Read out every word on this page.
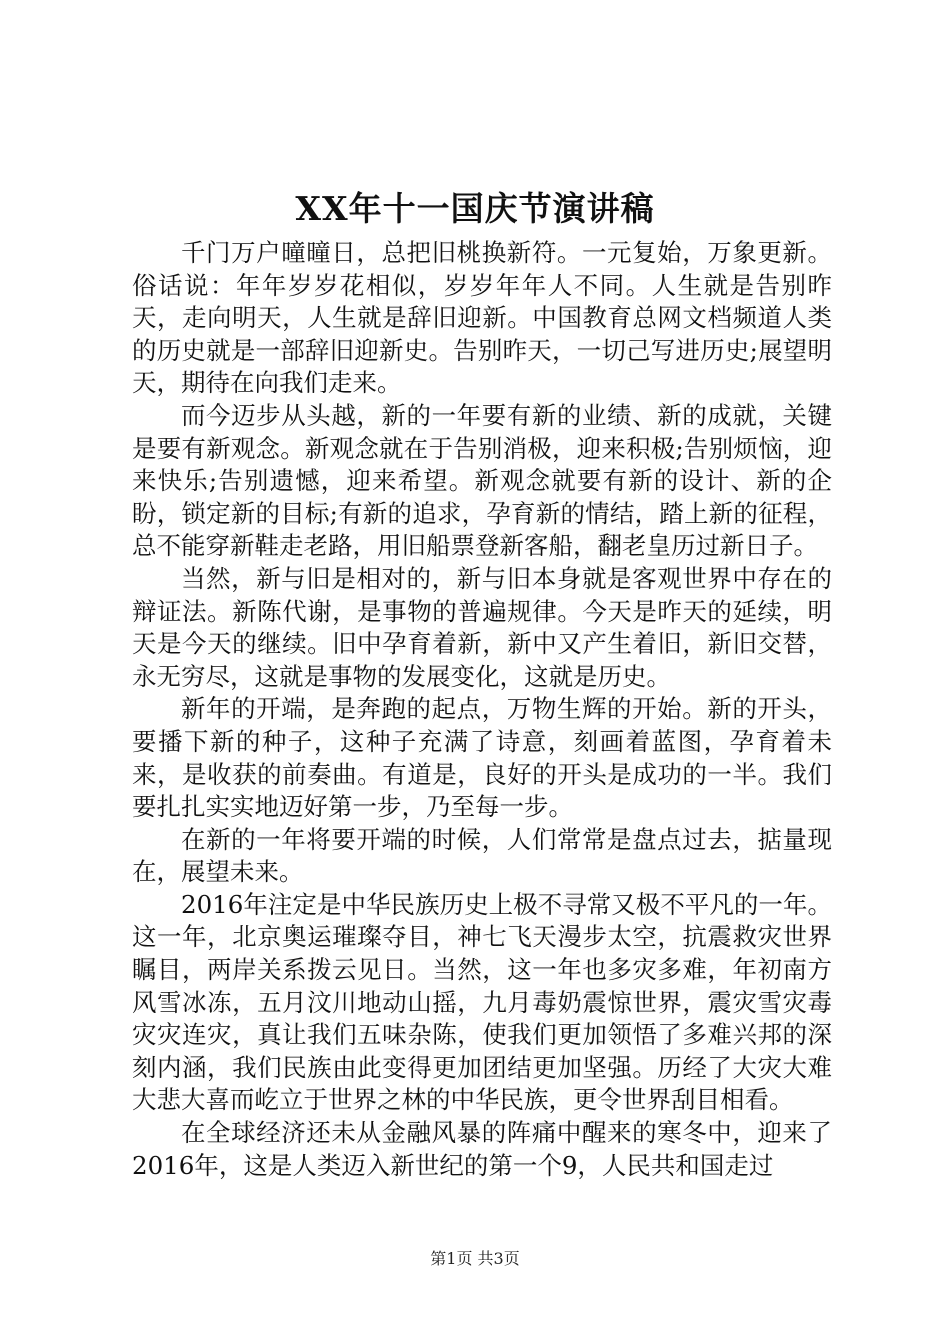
XX年十一国庆节演讲稿

千门万户曈曈日，总把旧桃换新符。一元复始，万象更新。俗话说：年年岁岁花相似，岁岁年年人不同。人生就是告别昨天，走向明天，人生就是辞旧迎新。中国教育总网文档频道人类的历史就是一部辞旧迎新史。告别昨天，一切己写进历史;展望明天，期待在向我们走来。

而今迈步从头越，新的一年要有新的业绩、新的成就，关键是要有新观念。新观念就在于告别消极，迎来积极;告别烦恼，迎来快乐;告别遗憾，迎来希望。新观念就要有新的设计、新的企盼，锁定新的目标;有新的追求，孕育新的情结，踏上新的征程，总不能穿新鞋走老路，用旧船票登新客船，翻老皇历过新日子。

当然，新与旧是相对的，新与旧本身就是客观世界中存在的辩证法。新陈代谢，是事物的普遍规律。今天是昨天的延续，明天是今天的继续。旧中孕育着新，新中又产生着旧，新旧交替，永无穷尽，这就是事物的发展变化，这就是历史。

新年的开端，是奔跑的起点，万物生辉的开始。新的开头，要播下新的种子，这种子充满了诗意，刻画着蓝图，孕育着未来，是收获的前奏曲。有道是，良好的开头是成功的一半。我们要扎扎实实地迈好第一步，乃至每一步。

在新的一年将要开端的时候，人们常常是盘点过去，掂量现在，展望未来。

2016年注定是中华民族历史上极不寻常又极不平凡的一年。这一年，北京奥运璀璨夺目，神七飞天漫步太空，抗震救灾世界瞩目，两岸关系拨云见日。当然，这一年也多灾多难，年初南方风雪冰冻，五月汶川地动山摇，九月毒奶震惊世界，震灾雪灾毒灾灾连灾，真让我们五味杂陈，使我们更加领悟了多难兴邦的深刻内涵，我们民族由此变得更加团结更加坚强。历经了大灾大难大悲大喜而屹立于世界之林的中华民族，更令世界刮目相看。

在全球经济还未从金融风暴的阵痛中醒来的寒冬中，迎来了2016年，这是人类迈入新世纪的第一个9，人民共和国走过

第1页 共3页
